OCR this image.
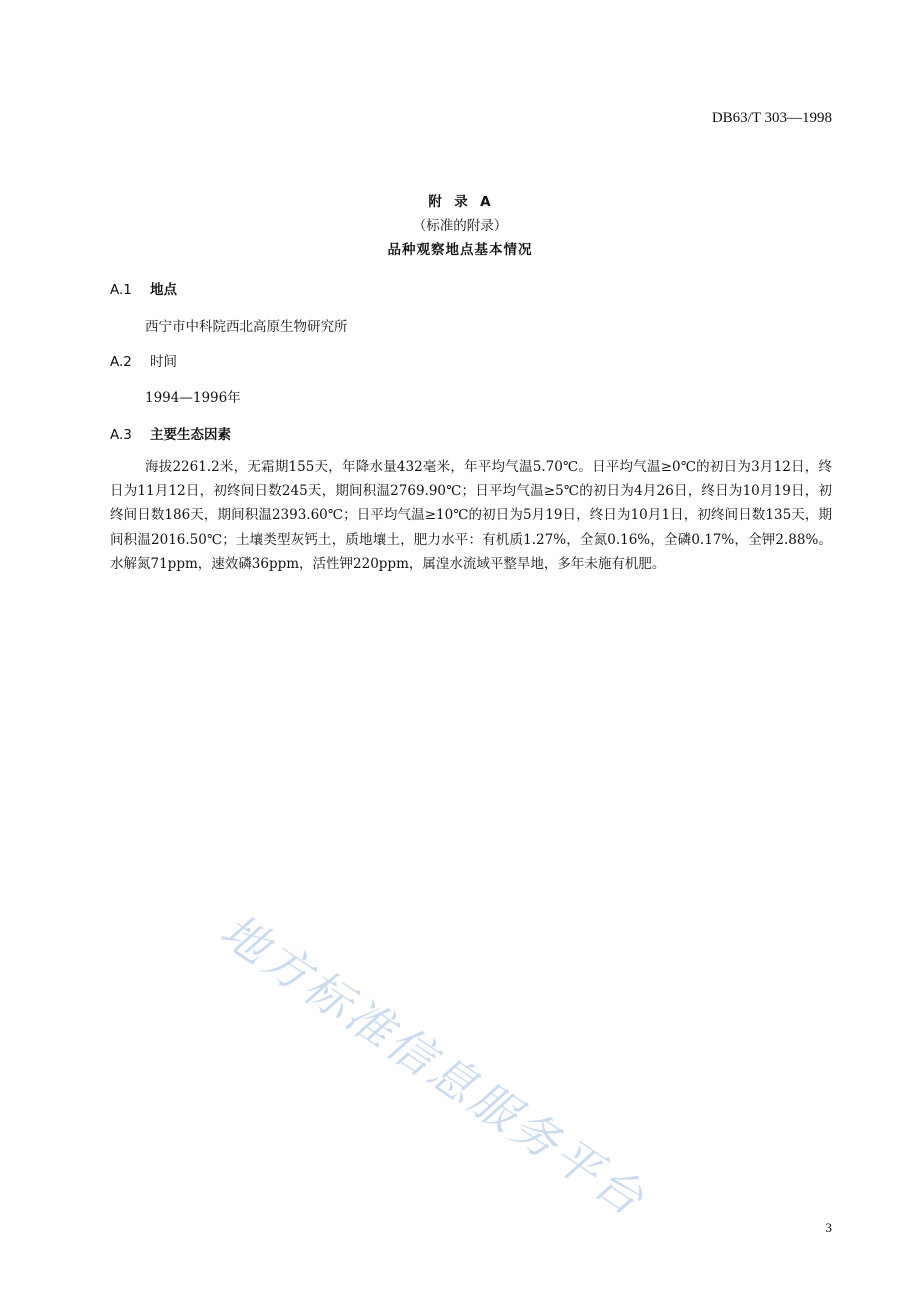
DB63/T 303—1998
附  录  A
（标准的附录）
品种观察地点基本情况
A.1 地点
西宁市中科院西北高原生物研究所
A.2 时间
1994—1996年
A.3 主要生态因素
海拔2261.2米，无霜期155天，年降水量432毫米，年平均气温5.70℃。日平均气温≥0℃的初日为3月12日，终日为11月12日，初终间日数245天，期间积温2769.90℃；日平均气温≥5℃的初日为4月26日，终日为10月19日，初终间日数186天，期间积温2393.60℃；日平均气温≥10℃的初日为5月19日，终日为10月1日，初终间日数135天，期间积温2016.50℃；土壤类型灰钙土，质地壤土，肥力水平：有机质1.27%，全氮0.16%，全磷0.17%，全钾2.88%。水解氮71ppm，速效磷36ppm，活性钾220ppm，属湟水流域平整旱地，多年未施有机肥。
地方标准信息服务平台
3
